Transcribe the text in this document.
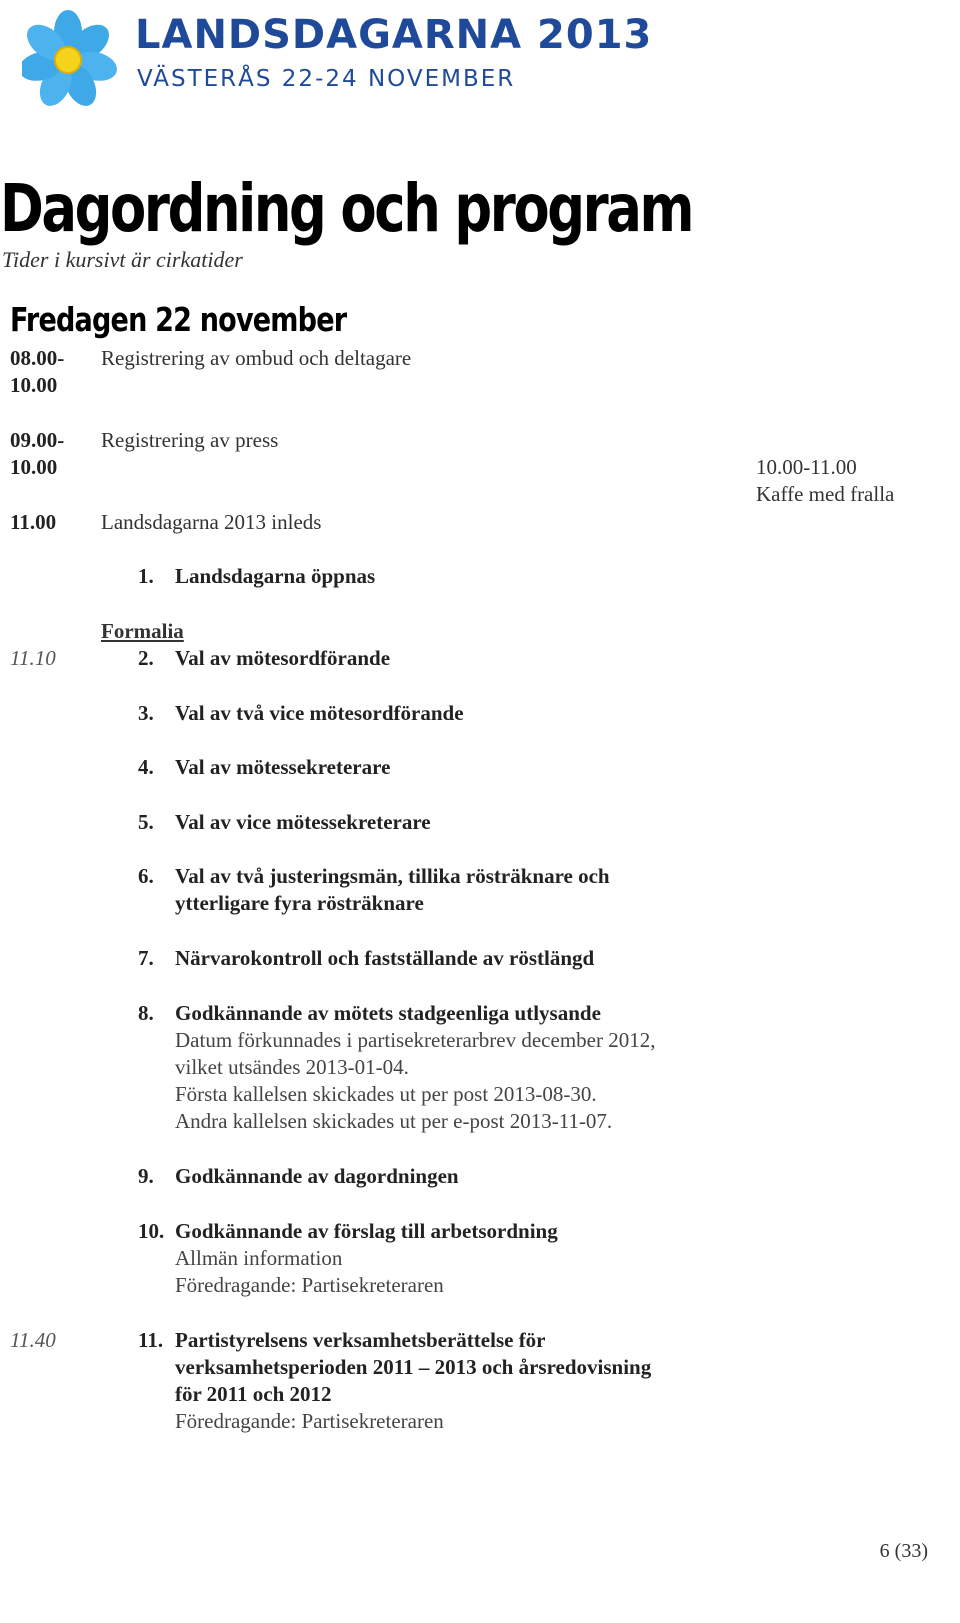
LANDSDAGARNA 2013
VÄSTERÅS 22-24 NOVEMBER
Dagordning och program
Tider i kursivt är cirkatider
Fredagen 22 november
08.00-
10.00
Registrering av ombud och deltagare
09.00-
10.00
Registrering av press
10.00-11.00
Kaffe med fralla
11.00 Landsdagarna 2013 inleds
Formalia
11.10
11.40
1. Landsdagarna öppnas
2. Val av mötesordförande
3. Val av två vice mötesordförande
4. Val av mötessekreterare
5. Val av vice mötessekreterare
6. Val av två justeringsmän, tillika rösträknare och
ytterligare fyra rösträknare
7. Närvarokontroll och fastställande av röstlängd
8. Godkännande av mötets stadgeenliga utlysande
Datum förkunnades i partisekreterarbrev december 2012,
vilket utsändes 2013-01-04.
Första kallelsen skickades ut per post 2013-08-30.
Andra kallelsen skickades ut per e-post 2013-11-07.
9. Godkännande av dagordningen
10. Godkännande av förslag till arbetsordning
Allmän information
Föredragande: Partisekreteraren
11. Partistyrelsens verksamhetsberättelse för
verksamhetsperioden 2011 – 2013 och årsredovisning
för 2011 och 2012
Föredragande: Partisekreteraren
6 (33)
